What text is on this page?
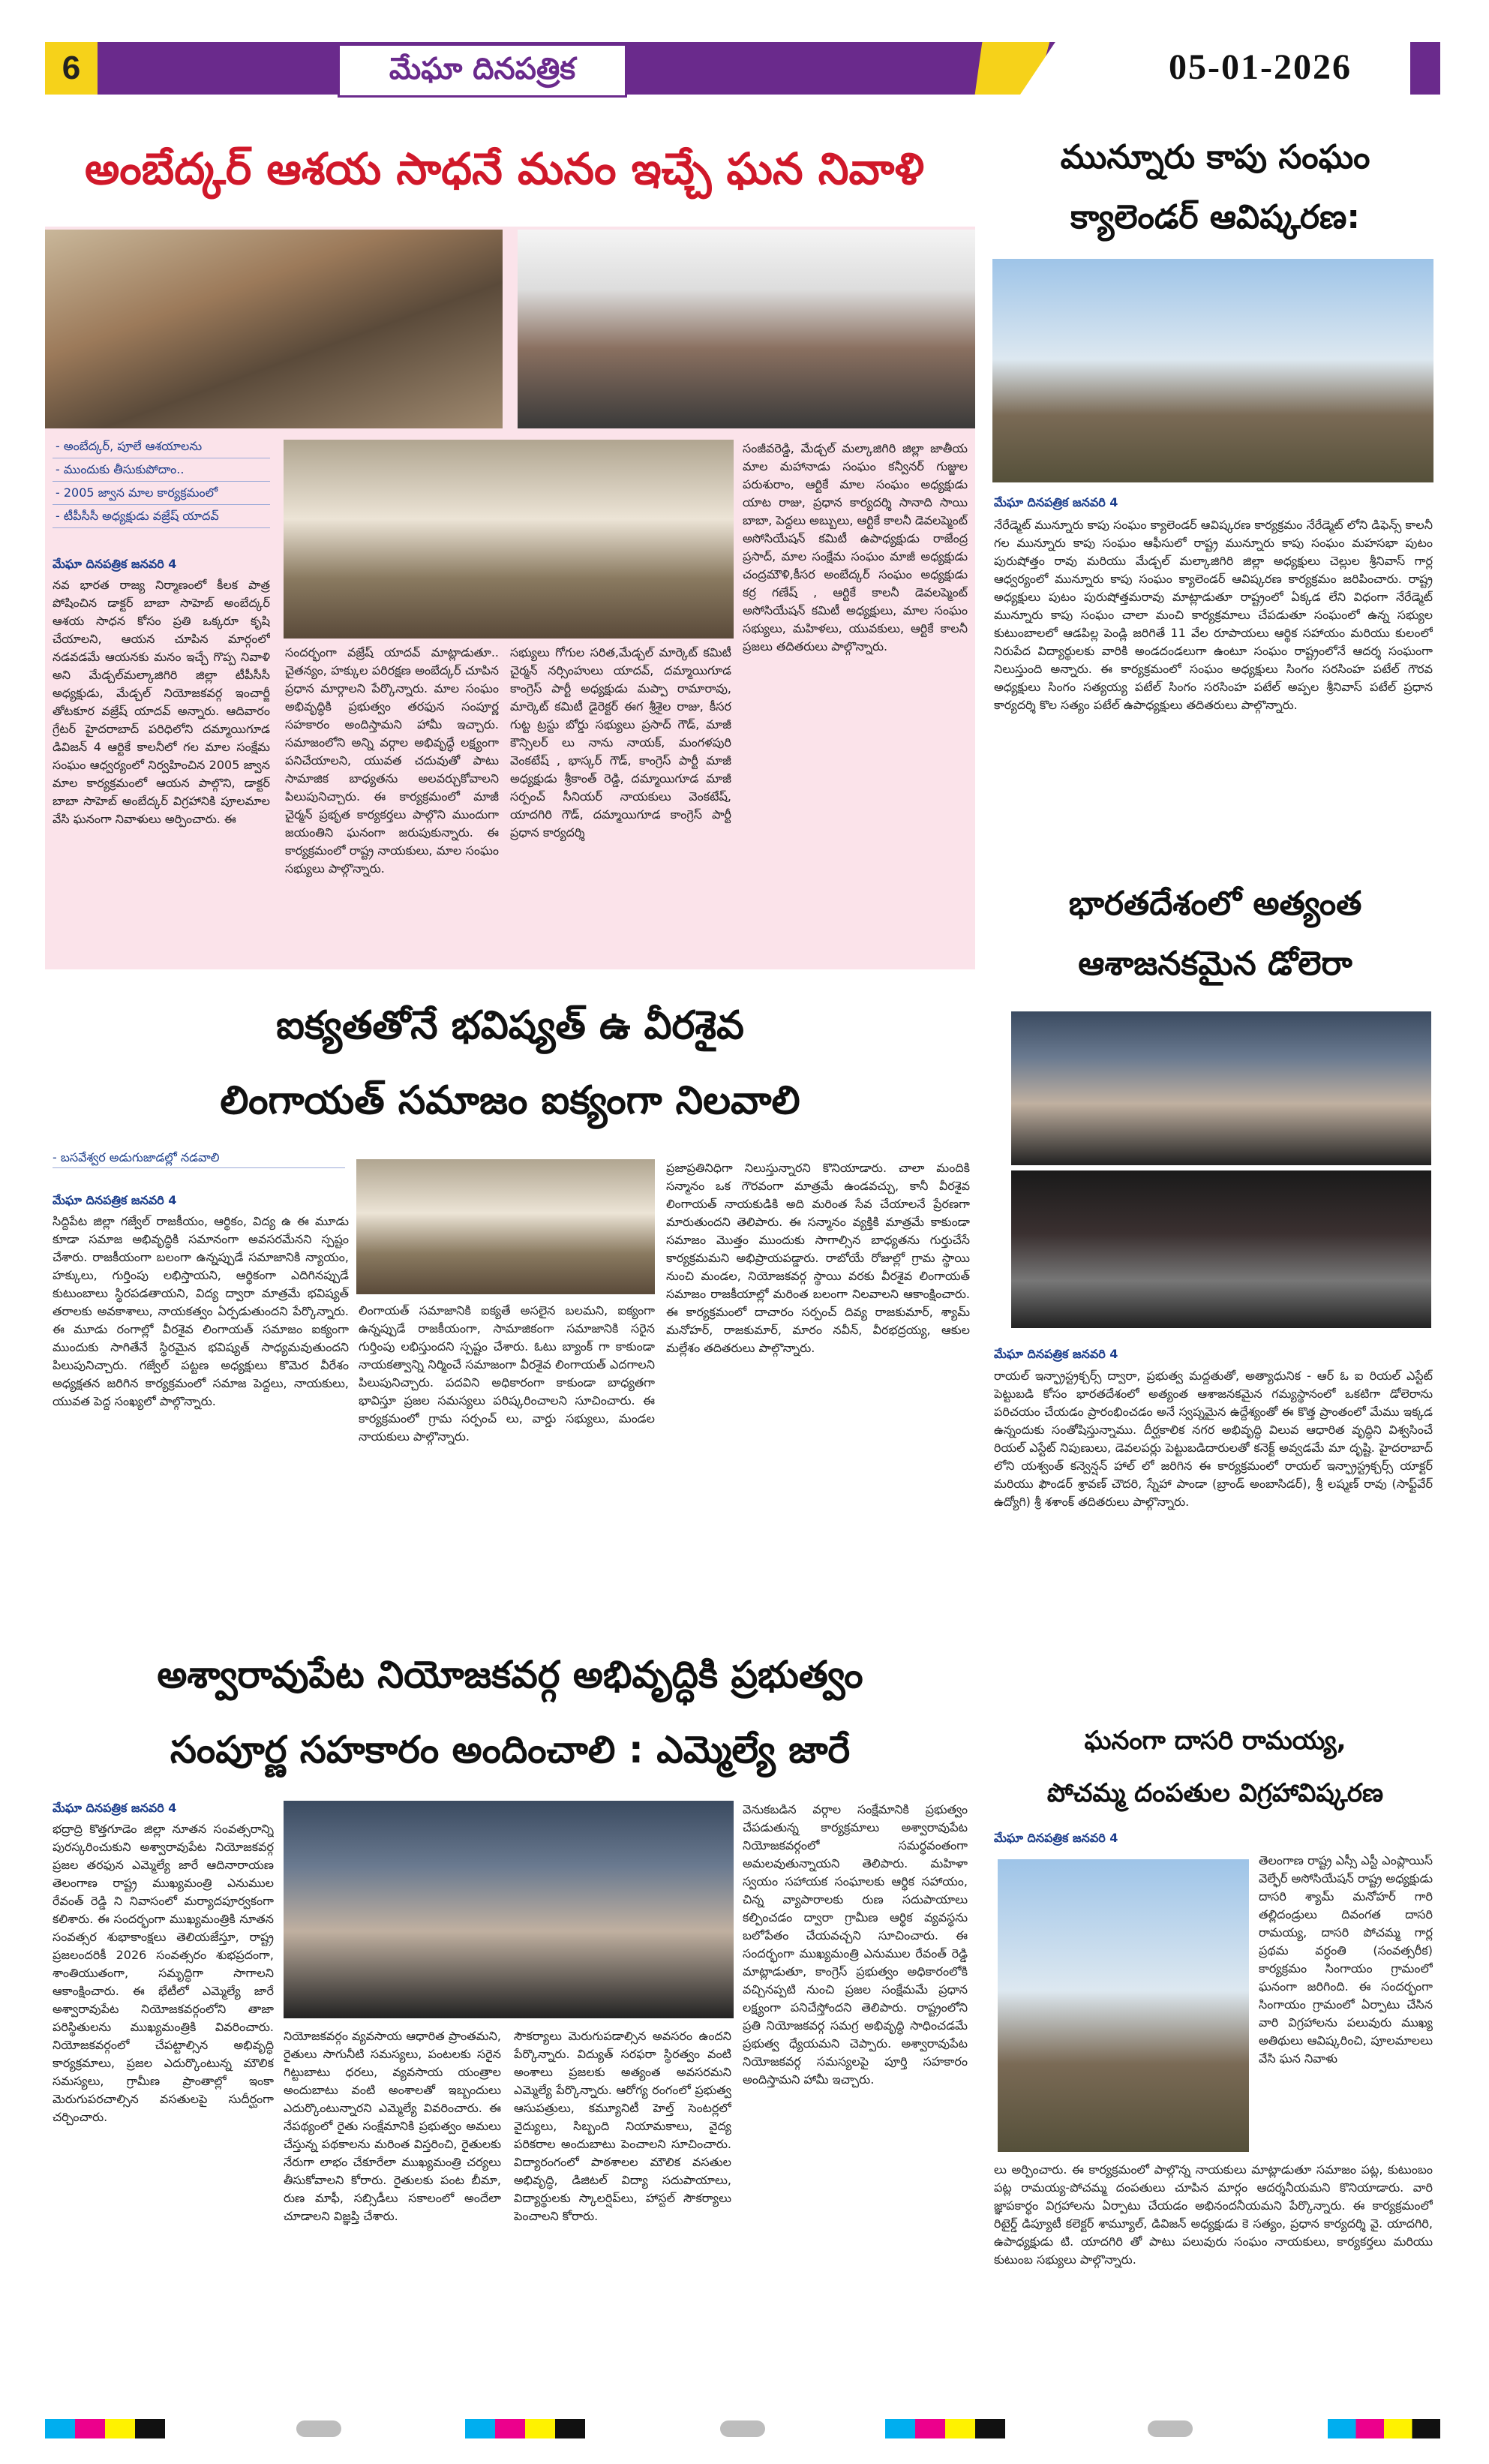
6	మేఘా దినపత్రిక	05-01-2026
అంబేద్కర్ ఆశయ సాధనే మనం ఇచ్చే ఘన నివాళి
- అంబేద్కర్, పూలే ఆశయాలను
- ముందుకు తీసుకుపోదాం..
- 2005 జ్వాన మాల కార్యక్రమంలో
- టీపీసీసీ అధ్యక్షుడు వజ్రేష్ యాదవ్
మేఘా దినపత్రిక జనవరి 4
నవ భారత రాజ్య నిర్మాణంలో కీలక పాత్ర పోషించిన డాక్టర్ బాబా సాహెబ్ అంబేద్కర్ ఆశయ సాధన కోసం ప్రతి ఒక్కరూ కృషి చేయాలని, ఆయన చూపిన మార్గంలో నడవడమే ఆయనకు మనం ఇచ్చే గొప్ప నివాళి అని మేడ్చల్‌మల్కాజిగిరి జిల్లా టీపీసీసీ అధ్యక్షుడు, మేడ్చల్ నియోజకవర్గ ఇంచార్జీ తోటకూర వజ్రేష్ యాదవ్ అన్నారు. ఆదివారం గ్రేటర్ హైదరాబాద్ పరిధిలోని దమ్మాయిగూడ డివిజన్ 4 ఆర్టికే కాలనీలో గల మాల సంక్షేమ సంఘం ఆధ్వర్యంలో నిర్వహించిన 2005 జ్వాన మాల కార్యక్రమంలో ఆయన పాల్గొని, డాక్టర్ బాబా సాహెబ్ అంబేద్కర్ విగ్రహానికి పూలమాల వేసి ఘనంగా నివాళులు అర్పించారు. ఈ
సందర్భంగా వజ్రేష్ యాదవ్ మాట్లాడుతూ.. చైతన్యం, హక్కుల పరిరక్షణ అంబేద్కర్ చూపిన ప్రధాన మార్గాలని పేర్కొన్నారు. మాల సంఘం అభివృద్ధికి ప్రభుత్వం తరఫున సంపూర్ణ సహకారం అందిస్తామని హామీ ఇచ్చారు. సమాజంలోని అన్ని వర్గాల అభివృద్ధే లక్ష్యంగా పనిచేయాలని, యువత చదువుతో పాటు సామాజిక బాధ్యతను అలవర్చుకోవాలని పిలుపునిచ్చారు. ఈ కార్యక్రమంలో మాజీ చైర్మన్ ప్రభృత కార్యకర్తలు పాల్గొని ముందుగా జయంతిని ఘనంగా జరుపుకున్నారు. ఈ కార్యక్రమంలో రాష్ట్ర నాయకులు, మాల సంఘం సభ్యులు పాల్గొన్నారు.
సభ్యులు గోగుల సరిత,మేడ్చల్ మార్కెట్ కమిటీ చైర్మన్ నర్సింహులు యాదవ్, దమ్మాయిగూడ కాంగ్రెస్ పార్టీ అధ్యక్షుడు మప్పా రామారావు, మార్కెట్ కమిటీ డైరెక్టర్ ఈగ శ్రీశైల రాజు, కీసర గుట్ట ట్రస్టు బోర్డు సభ్యులు ప్రసాద్ గౌడ్, మాజీ కౌన్సిలర్ లు నాను నాయక్, మంగళపురి వెంకటేష్ , భాస్కర్ గౌడ్, కాంగ్రెస్ పార్టీ మాజీ అధ్యక్షుడు శ్రీకాంత్ రెడ్డి, దమ్మాయిగూడ మాజీ సర్పంచ్ సీనియర్ నాయకులు వెంకటేష్, యాదగిరి గౌడ్, దమ్మాయిగూడ కాంగ్రెస్ పార్టీ ప్రధాన కార్యదర్శి
సంజీవరెడ్డి, మేడ్చల్ మల్కాజిగిరి జిల్లా జాతీయ మాల మహానాడు సంఘం కన్వీనర్ గుజ్జుల పరుశురాం, ఆర్టికే మాల సంఘం అధ్యక్షుడు యాట రాజు, ప్రధాన కార్యదర్శి సానాది సాయి బాబా, పెద్దలు అబ్బులు, ఆర్టికే కాలనీ డెవలప్మెంట్ అసోసియేషన్ కమిటీ ఉపాధ్యక్షుడు రాజేంద్ర ప్రసాద్, మాల సంక్షేమ సంఘం మాజీ అధ్యక్షుడు చంద్రమౌళి,కీసర అంబేద్కర్ సంఘం అధ్యక్షుడు కర్ర గణేష్ , ఆర్టికే కాలనీ డెవలప్మెంట్ అసోసియేషన్ కమిటీ అధ్యక్షులు, మాల సంఘం సభ్యులు, మహిళలు, యువకులు, ఆర్టికే కాలనీ ప్రజలు తదితరులు పాల్గొన్నారు.
మున్నూరు కాపు సంఘం
క్యాలెండర్ ఆవిష్కరణ:
మేఘా దినపత్రిక జనవరి 4
నేరేడ్మెట్ మున్నూరు కాపు సంఘం క్యాలెండర్ ఆవిష్కరణ కార్యక్రమం నేరేడ్మెట్ లోని డిఫెన్స్ కాలనీ గల మున్నూరు కాపు సంఘం ఆఫీసులో రాష్ట్ర మున్నూరు కాపు సంఘం మహసభా పుటం పురుషోత్తం రావు మరియు మేడ్చల్ మల్కాజిగిరి జిల్లా అధ్యక్షులు చెల్లుల శ్రీనివాస్ గార్ల ఆధ్వర్యంలో మున్నూరు కాపు సంఘం క్యాలెండర్ ఆవిష్కరణ కార్యక్రమం జరిపించారు. రాష్ట్ర అధ్యక్షులు పుటం పురుషోత్తమరావు మాట్లాడుతూ రాష్ట్రంలో ఏక్కడ లేని విధంగా నేరేడ్మెట్ మున్నూరు కాపు సంఘం చాలా మంచి కార్యక్రమాలు చేపడుతూ సంఘంలో ఉన్న సభ్యుల కుటుంబాలలో ఆడపిల్ల పెండ్లి జరిగితే 11 వేల రూపాయలు ఆర్థిక సహాయం మరియు కులంలో నిరుపేద విద్యార్థులకు వారికి అండదండలుగా ఉంటూ సంఘం రాష్ట్రంలోనే ఆదర్శ సంఘంగా నిలుస్తుంది అన్నారు. ఈ కార్యక్రమంలో సంఘం అధ్యక్షులు సింగం సరసింహ పటేల్ గౌరవ అధ్యక్షులు సింగం సత్యయ్య పటేల్ సింగం సరసింహ పటేల్ అప్పల శ్రీనివాస్ పటేల్ ప్రధాన కార్యదర్శి కొల సత్యం పటేల్ ఉపాధ్యక్షులు తదితరులు పాల్గొన్నారు.
భారతదేశంలో అత్యంత
ఆశాజనకమైన డోలెరా
మేఘా దినపత్రిక జనవరి 4
రాయల్ ఇన్ఫ్రాస్ట్రక్చర్స్ ద్వారా, ప్రభుత్వ మద్దతుతో, అత్యాధునిక - ఆర్ ఓ ఐ రియల్ ఎస్టేట్ పెట్టుబడి కోసం భారతదేశంలో అత్యంత ఆశాజనకమైన గమ్యస్థానంలో ఒకటిగా డోలెరాను పరిచయం చేయడం ప్రారంభించడం అనే స్వప్నమైన ఉద్దేశ్యంతో ఈ కొత్త ప్రాంతంలో మేము ఇక్కడ ఉన్నందుకు సంతోషిస్తున్నాము. దీర్ఘకాలిక నగర అభివృద్ధి విలువ ఆధారిత వృద్ధిని విశ్వసించే రియల్ ఎస్టేట్ నిపుణులు, డెవలపర్లు పెట్టుబడిదారులతో కనెక్ట్ అవ్వడమే మా దృష్టి. హైదరాబాద్ లోని యశ్వంత్ కన్వెన్షన్ హాల్ లో జరిగిన ఈ కార్యక్రమంలో రాయల్ ఇన్ఫ్రాస్ట్రక్చర్స్ యాక్టర్ మరియు ఫౌండర్ శ్రావణ్ చౌదరి, స్నేహా పాండా (బ్రాండ్ అంబాసిడర్), శ్రీ లష్మణ్ రావు (సాఫ్ట్‌వేర్ ఉద్యోగి) శ్రీ శశాంక్ తదితరులు పాల్గొన్నారు.
ఐక్యతతోనే భవిష్యత్ ఉ వీరశైవ
లింగాయత్ సమాజం ఐక్యంగా నిలవాలి
- బసవేశ్వర అడుగుజాడల్లో నడవాలి
మేఘా దినపత్రిక జనవరి 4
సిద్దిపేట జిల్లా గజ్వేల్ రాజకీయం, ఆర్థికం, విద్య ఉ ఈ మూడు కూడా సమాజ అభివృద్ధికి సమానంగా అవసరమేనని స్పష్టం చేశారు. రాజకీయంగా బలంగా ఉన్నప్పుడే సమాజానికి న్యాయం, హక్కులు, గుర్తింపు లభిస్తాయని, ఆర్థికంగా ఎదిగినప్పుడే కుటుంబాలు స్థిరపడతాయని, విద్య ద్వారా మాత్రమే భవిష్యత్ తరాలకు అవకాశాలు, నాయకత్వం ఏర్పడుతుందని పేర్కొన్నారు. ఈ మూడు రంగాల్లో వీరశైవ లింగాయత్ సమాజం ఐక్యంగా ముందుకు సాగితేనే స్థిరమైన భవిష్యత్ సాధ్యమవుతుందని పిలుపునిచ్చారు. గజ్వేల్ పట్టణ అధ్యక్షులు కొమెర వీరేశం అధ్యక్షతన జరిగిన కార్యక్రమంలో సమాజ పెద్దలు, నాయకులు, యువత పెద్ద సంఖ్యలో పాల్గొన్నారు.
లింగాయత్ సమాజానికి ఐక్యతే అసలైన బలమని, ఐక్యంగా ఉన్నప్పుడే రాజకీయంగా, సామాజికంగా సమాజానికి సరైన గుర్తింపు లభిస్తుందని స్పష్టం చేశారు. ఓటు బ్యాంక్ గా కాకుండా నాయకత్వాన్ని నిర్మించే సమాజంగా వీరశైవ లింగాయత్ ఎదగాలని పిలుపునిచ్చారు. పదవిని అధికారంగా కాకుండా బాధ్యతగా భావిస్తూ ప్రజల సమస్యలు పరిష్కరించాలని సూచించారు. ఈ కార్యక్రమంలో గ్రామ సర్పంచ్ లు, వార్డు సభ్యులు, మండల నాయకులు పాల్గొన్నారు.
ప్రజాప్రతినిధిగా నిలుస్తున్నారని కొనియాడారు. చాలా మందికి సన్మానం ఒక గౌరవంగా మాత్రమే ఉండవచ్చు, కానీ వీరశైవ లింగాయత్ నాయకుడికి అది మరింత సేవ చేయాలనే ప్రేరణగా మారుతుందని తెలిపారు. ఈ సన్మానం వ్యక్తికి మాత్రమే కాకుండా సమాజం మొత్తం ముందుకు సాగాల్సిన బాధ్యతను గుర్తుచేసే కార్యక్రమమని అభిప్రాయపడ్డారు. రాబోయే రోజుల్లో గ్రామ స్థాయి నుంచి మండల, నియోజకవర్గ స్థాయి వరకు వీరశైవ లింగాయత్ సమాజం రాజకీయాల్లో మరింత బలంగా నిలవాలని ఆకాంక్షించారు. ఈ కార్యక్రమంలో దాచారం సర్పంచ్ దివ్య రాజకుమార్, శ్యామ్ మనోహర్, రాజకుమార్, మారం నవీన్, వీరభద్రయ్య, ఆకుల మల్లేశం తదితరులు పాల్గొన్నారు.
అశ్వారావుపేట నియోజకవర్గ అభివృద్ధికి ప్రభుత్వం
సంపూర్ణ సహకారం అందించాలి : ఎమ్మెల్యే జారే
మేఘా దినపత్రిక జనవరి 4
భద్రాద్రి కొత్తగూడెం జిల్లా నూతన సంవత్సరాన్ని పురస్కరించుకుని అశ్వారావుపేట నియోజకవర్గ ప్రజల తరఫున ఎమ్మెల్యే జారే ఆదినారాయణ తెలంగాణ రాష్ట్ర ముఖ్యమంత్రి ఎనుముల రేవంత్ రెడ్డి ని నివాసంలో మర్యాదపూర్వకంగా కలిశారు. ఈ సందర్భంగా ముఖ్యమంత్రికి నూతన సంవత్సర శుభాకాంక్షలు తెలియజేస్తూ, రాష్ట్ర ప్రజలందరికీ 2026 సంవత్సరం శుభప్రదంగా, శాంతియుతంగా, సమృద్ధిగా సాగాలని ఆకాంక్షించారు. ఈ భేటీలో ఎమ్మెల్యే జారే అశ్వారావుపేట నియోజకవర్గంలోని తాజా పరిస్థితులను ముఖ్యమంత్రికి వివరించారు. నియోజకవర్గంలో చేపట్టాల్సిన అభివృద్ధి కార్యక్రమాలు, ప్రజల ఎదుర్కొంటున్న మౌలిక సమస్యలు, గ్రామీణ ప్రాంతాల్లో ఇంకా మెరుగుపరచాల్సిన వసతులపై సుదీర్ఘంగా చర్చించారు.
నియోజకవర్గం వ్యవసాయ ఆధారిత ప్రాంతమని, రైతులు సాగునీటి సమస్యలు, పంటలకు సరైన గిట్టుబాటు ధరలు, వ్యవసాయ యంత్రాల అందుబాటు వంటి అంశాలతో ఇబ్బందులు ఎదుర్కొంటున్నారని ఎమ్మెల్యే వివరించారు. ఈ నేపథ్యంలో రైతు సంక్షేమానికి ప్రభుత్వం అమలు చేస్తున్న పథకాలను మరింత విస్తరించి, రైతులకు నేరుగా లాభం చేకూరేలా ముఖ్యమంత్రి చర్యలు తీసుకోవాలని కోరారు. రైతులకు పంట బీమా, రుణ మాఫీ, సబ్సిడీలు సకాలంలో అందేలా చూడాలని విజ్ఞప్తి చేశారు.
సౌకర్యాలు మెరుగుపడాల్సిన అవసరం ఉందని పేర్కొన్నారు. విద్యుత్ సరఫరా స్థిరత్వం వంటి అంశాలు ప్రజలకు అత్యంత అవసరమని ఎమ్మెల్యే పేర్కొన్నారు. ఆరోగ్య రంగంలో ప్రభుత్వ ఆసుపత్రులు, కమ్యూనిటీ హెల్త్ సెంటర్లలో వైద్యులు, సిబ్బంది నియామకాలు, వైద్య పరికరాల అందుబాటు పెంచాలని సూచించారు. విద్యారంగంలో పాఠశాలల మౌలిక వసతుల అభివృద్ధి, డిజిటల్ విద్యా సదుపాయాలు, విద్యార్థులకు స్కాలర్షిప్‌లు, హాస్టల్ సౌకర్యాలు పెంచాలని కోరారు.
వెనుకబడిన వర్గాల సంక్షేమానికి ప్రభుత్వం చేపడుతున్న కార్యక్రమాలు అశ్వారావుపేట నియోజకవర్గంలో సమర్థవంతంగా అమలవుతున్నాయని తెలిపారు. మహిళా స్వయం సహాయక సంఘాలకు ఆర్థిక సహాయం, చిన్న వ్యాపారాలకు రుణ సదుపాయాలు కల్పించడం ద్వారా గ్రామీణ ఆర్థిక వ్యవస్థను బలోపేతం చేయవచ్చని సూచించారు. ఈ సందర్భంగా ముఖ్యమంత్రి ఎనుముల రేవంత్ రెడ్డి మాట్లాడుతూ, కాంగ్రెస్ ప్రభుత్వం అధికారంలోకి వచ్చినప్పటి నుంచి ప్రజల సంక్షేమమే ప్రధాన లక్ష్యంగా పనిచేస్తోందని తెలిపారు. రాష్ట్రంలోని ప్రతి నియోజకవర్గ సమగ్ర అభివృద్ధి సాధించడమే ప్రభుత్వ ధ్యేయమని చెప్పారు. అశ్వారావుపేట నియోజకవర్గ సమస్యలపై పూర్తి సహకారం అందిస్తామని హామీ ఇచ్చారు.
ఘనంగా దాసరి రామయ్య,
పోచమ్మ దంపతుల విగ్రహావిష్కరణ
మేఘా దినపత్రిక జనవరి 4
తెలంగాణ రాష్ట్ర ఎస్సీ ఎస్టీ ఎంప్లాయిస్ వెల్ఫేర్ అసోసియేషన్ రాష్ట్ర అధ్యక్షుడు దాసరి శ్యామ్ మనోహర్ గారి తల్లిదండ్రులు దివంగత దాసరి రామయ్య, దాసరి పోచమ్మ గార్ల ప్రథమ వర్ధంతి (సంవత్సరీక) కార్యక్రమం సింగాయం గ్రామంలో ఘనంగా జరిగింది. ఈ సందర్భంగా సింగాయం గ్రామంలో ఏర్పాటు చేసిన వారి విగ్రహాలను పలువురు ముఖ్య అతిథులు ఆవిష్కరించి, పూలమాలలు వేసి ఘన నివాళు
లు అర్పించారు. ఈ కార్యక్రమంలో పాల్గొన్న నాయకులు మాట్లాడుతూ సమాజం పట్ల, కుటుంబం పట్ల రామయ్య-పోచమ్మ దంపతులు చూపిన మార్గం ఆదర్శనీయమని కొనియాడారు. వారి జ్ఞాపకార్థం విగ్రహాలను ఏర్పాటు చేయడం అభినందనీయమని పేర్కొన్నారు. ఈ కార్యక్రమంలో రిటైర్డ్ డిప్యూటీ కలెక్టర్ శామ్యూల్, డివిజన్ అధ్యక్షుడు కె సత్యం, ప్రధాన కార్యదర్శి వై. యాదగిరి, ఉపాధ్యక్షుడు టి. యాదగిరి తో పాటు పలువురు సంఘం నాయకులు, కార్యకర్తలు మరియు కుటుంబ సభ్యులు పాల్గొన్నారు.
